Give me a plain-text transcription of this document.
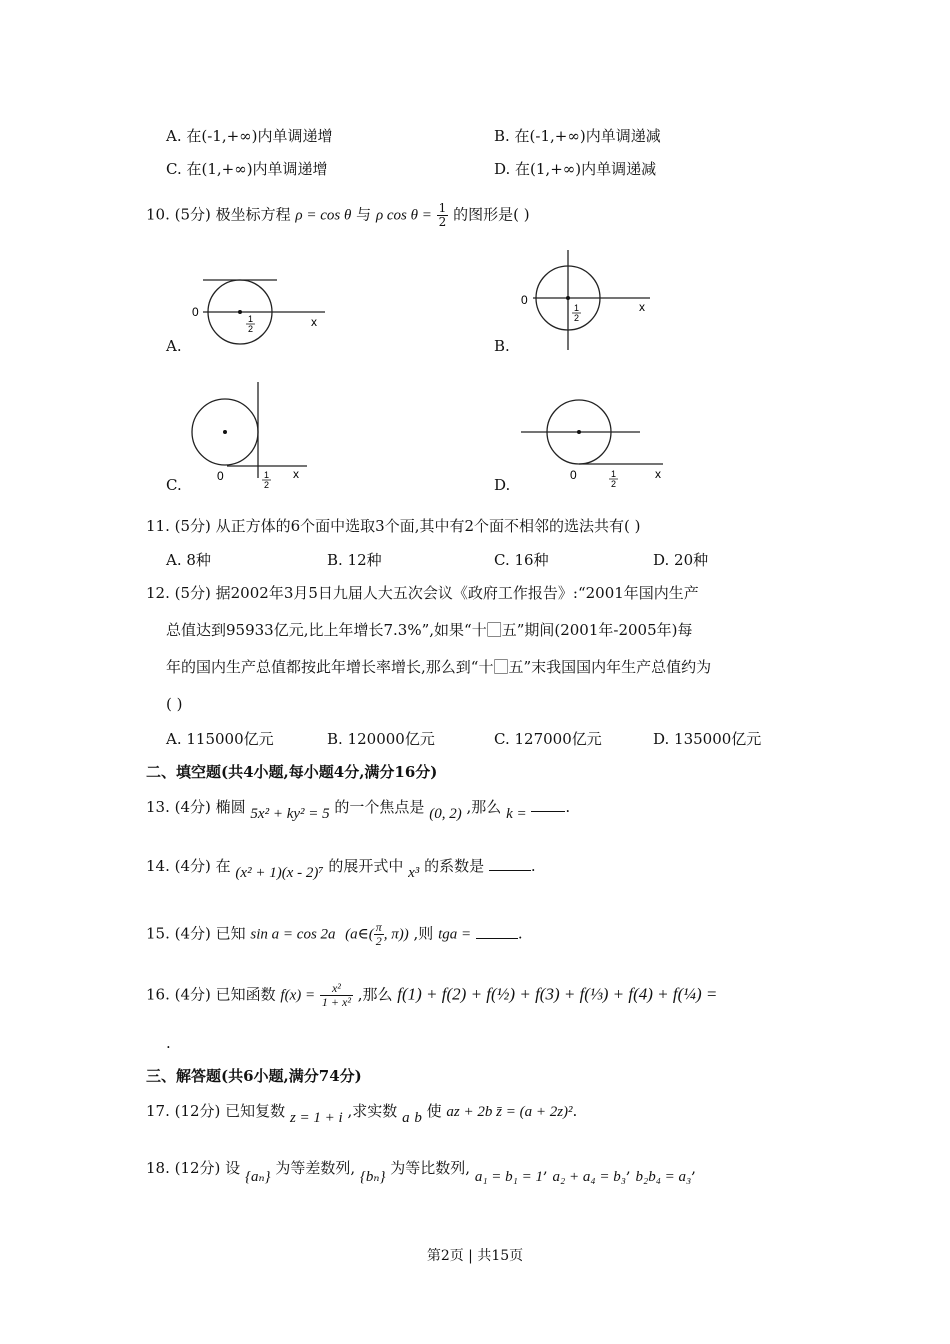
A. 在(-1,+∞)内单调递增	B. 在(-1,+∞)内单调递减
C. 在(1,+∞)内单调递增	D. 在(1,+∞)内单调递减
10. (5分) 极坐标方程 ρ = cos θ 与 ρ $\cos \theta = \frac{1}{2}$ 的图形是( )
A.
0
x
1
2
B.
0	x
1
2
C.	0	x
1
2	D.
0	x
1
2
11. (5分) 从正方体的6个面中选取3个面,其中有2个面不相邻的选法共有( )
A. 8种	B. 12种	C. 16种	D. 20种
12. (5分) 据2002年3月5日九届人大五次会议《政府工作报告》:“2001年国内生产
总值达到95933亿元,比上年增长7.3%”,如果“十⃞五”期间(2001年-2005年)每
年的国内生产总值都按此年增长率增长,那么到“十⃞五”末我国国内年生产总值约为
( )
A. 115000亿元	B. 120000亿元	C. 127000亿元	D. 135000亿元
二、填空题(共4小题,每小题4分,满分16分)
13. (4分) 椭圆 5x² + ky² = 5 的一个焦点是 (0, 2) ,那么 k =	.
14. (4分) 在 (x² + 1)(x - 2)⁷ 的展开式中 x³ 的系数是	.
15. (4分) 已知 sin a = cos 2a (a∈( $\frac{\pi}{2}$ , π)) ,则 tga =	.
16. (4分) 已知函数 $f(x) = \frac{\text{x²}}{\text{1 + x²}}$ ,那么 f(1) + f(2) + f(½) + f(3) + f(⅓) + f(4) + f(¼) =
.
三、解答题(共6小题,满分74分)
17. (12分) 已知复数 z = 1 + i ,求实数 a b 使 az + 2b z̄ = (a + 2z)².
18. (12分) 设 {aₙ} 为等差数列, {bₙ} 为等比数列, a₁ = b₁ = 1, a₂ + a₄ = b₃, b₂b₄ = a₃,
第2页 | 共15页
